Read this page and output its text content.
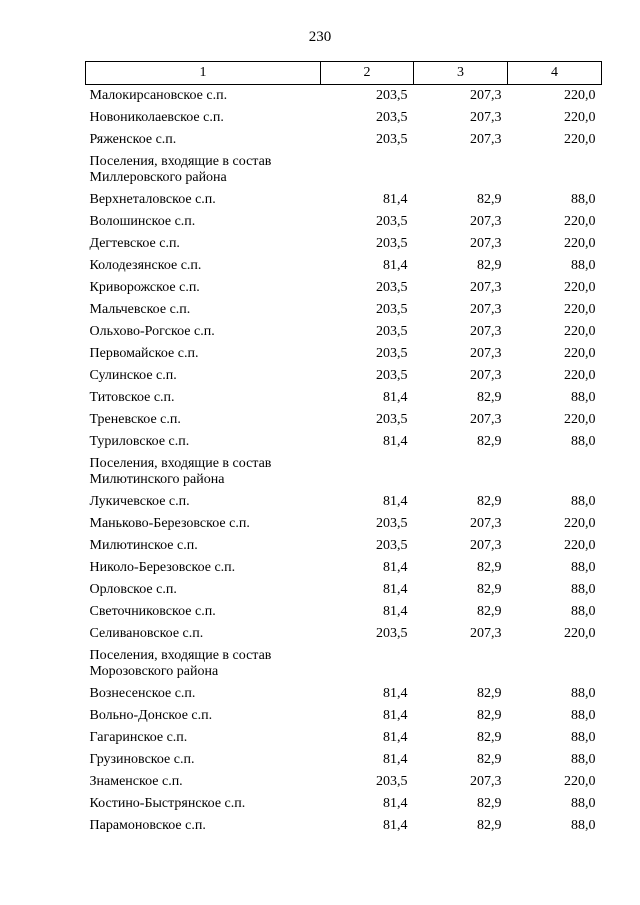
230
1	2	3	4
Малокирсановское с.п.	203,5	207,3	220,0
Новониколаевское с.п.	203,5	207,3	220,0
Ряженское с.п.	203,5	207,3	220,0
Поселения, входящие в состав Миллеровского района			
Верхнеталовское с.п.	81,4	82,9	88,0
Волошинское с.п.	203,5	207,3	220,0
Дегтевское с.п.	203,5	207,3	220,0
Колодезянское с.п.	81,4	82,9	88,0
Криворожское с.п.	203,5	207,3	220,0
Мальчевское с.п.	203,5	207,3	220,0
Ольхово-Рогское с.п.	203,5	207,3	220,0
Первомайское с.п.	203,5	207,3	220,0
Сулинское с.п.	203,5	207,3	220,0
Титовское с.п.	81,4	82,9	88,0
Треневское с.п.	203,5	207,3	220,0
Туриловское с.п.	81,4	82,9	88,0
Поселения, входящие в состав Милютинского района			
Лукичевское с.п.	81,4	82,9	88,0
Маньково-Березовское с.п.	203,5	207,3	220,0
Милютинское с.п.	203,5	207,3	220,0
Николо-Березовское с.п.	81,4	82,9	88,0
Орловское с.п.	81,4	82,9	88,0
Светочниковское с.п.	81,4	82,9	88,0
Селивановское с.п.	203,5	207,3	220,0
Поселения, входящие в состав Морозовского района			
Вознесенское с.п.	81,4	82,9	88,0
Вольно-Донское с.п.	81,4	82,9	88,0
Гагаринское с.п.	81,4	82,9	88,0
Грузиновское с.п.	81,4	82,9	88,0
Знаменское с.п.	203,5	207,3	220,0
Костино-Быстрянское с.п.	81,4	82,9	88,0
Парамоновское с.п.	81,4	82,9	88,0
